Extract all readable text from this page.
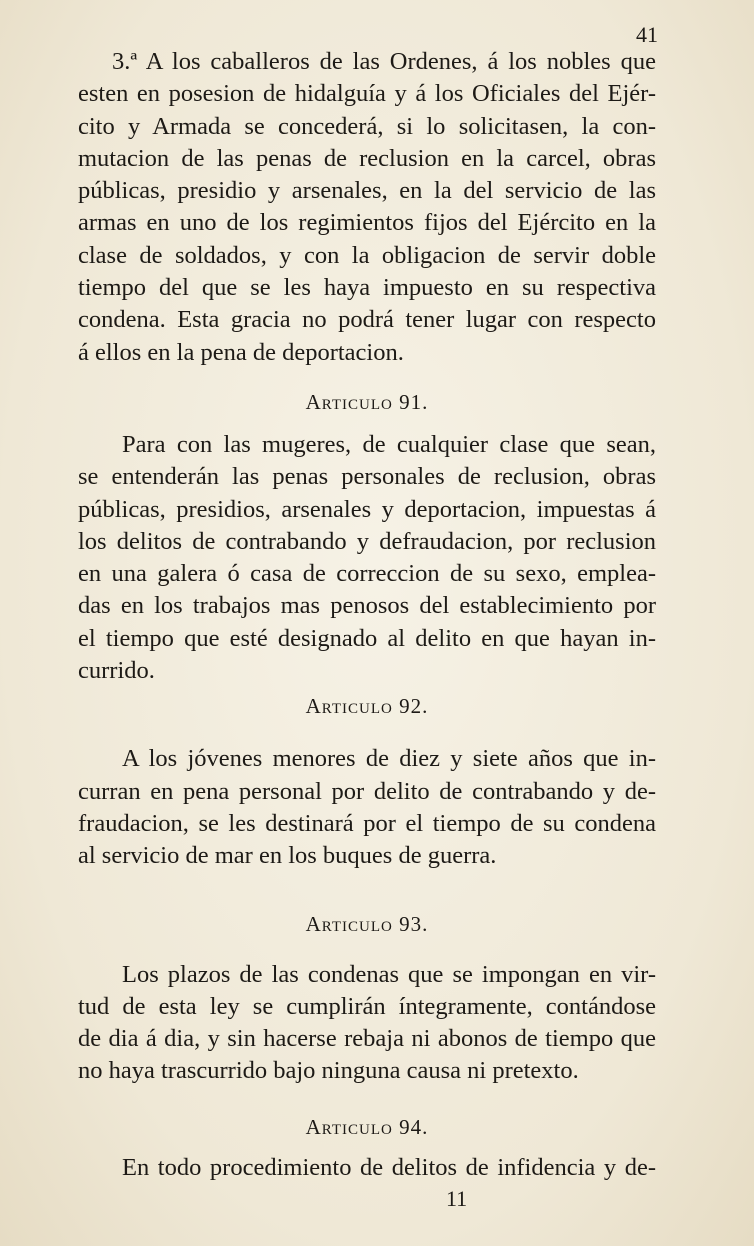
41
3.ª A los caballeros de las Ordenes, á los nobles que
esten en posesion de hidalguía y á los Oficiales del Ejér-
cito y Armada se concederá, si lo solicitasen, la con-
mutacion de las penas de reclusion en la carcel, obras
públicas, presidio y arsenales, en la del servicio de las
armas en uno de los regimientos fijos del Ejército en la
clase de soldados, y con la obligacion de servir doble
tiempo del que se les haya impuesto en su respectiva
condena. Esta gracia no podrá tener lugar con respecto
á ellos en la pena de deportacion.
Articulo 91.
Para con las mugeres, de cualquier clase que sean,
se entenderán las penas personales de reclusion, obras
públicas, presidios, arsenales y deportacion, impuestas á
los delitos de contrabando y defraudacion, por reclusion
en una galera ó casa de correccion de su sexo, emplea-
das en los trabajos mas penosos del establecimiento por
el tiempo que esté designado al delito en que hayan in-
currido.
Articulo 92.
A los jóvenes menores de diez y siete años que in-
curran en pena personal por delito de contrabando y de-
fraudacion, se les destinará por el tiempo de su condena
al servicio de mar en los buques de guerra.
Articulo 93.
Los plazos de las condenas que se impongan en vir-
tud de esta ley se cumplirán íntegramente, contándose
de dia á dia, y sin hacerse rebaja ni abonos de tiempo que
no haya trascurrido bajo ninguna causa ni pretexto.
Articulo 94.
En todo procedimiento de delitos de infidencia y de-
11
